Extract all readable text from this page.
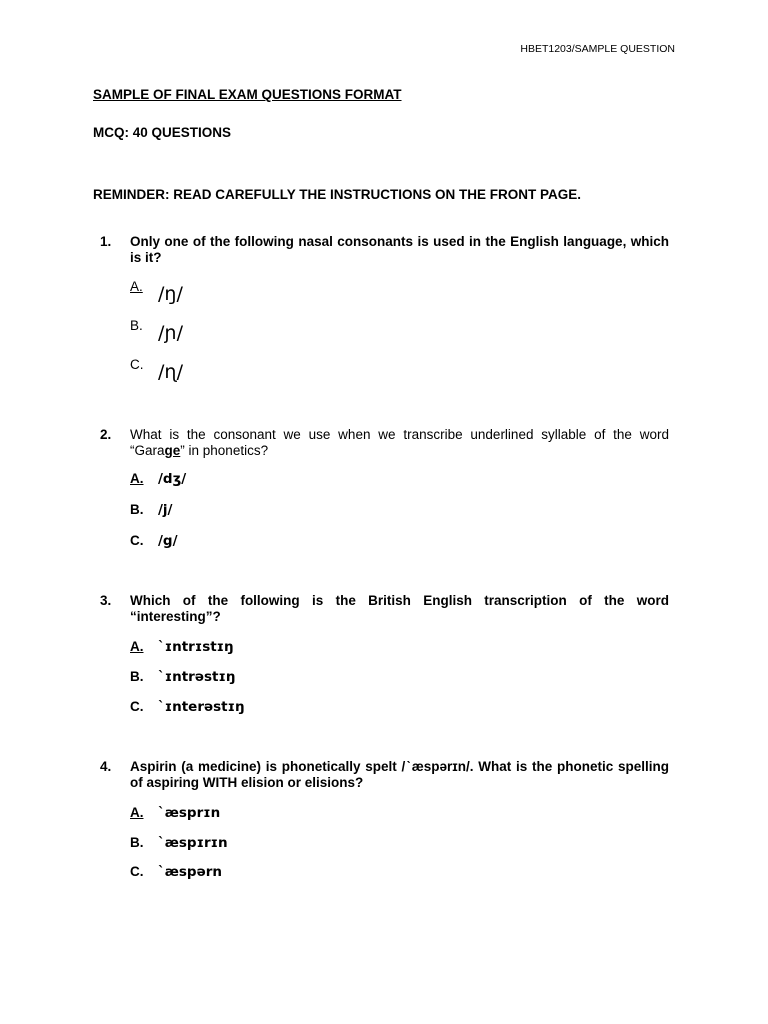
HBET1203/SAMPLE QUESTION
SAMPLE OF FINAL EXAM QUESTIONS FORMAT
MCQ: 40 QUESTIONS
REMINDER: READ CAREFULLY THE INSTRUCTIONS ON THE FRONT PAGE.
1. Only one of the following nasal consonants is used in the English language, which is it?
A. /ŋ/
B. /ɲ/
C. /ɳ/
2. What is the consonant we use when we transcribe underlined syllable of the word “Garage” in phonetics?
A. /dʒ/
B. /j/
C. /g/
3. Which of the following is the British English transcription of the word “interesting”?
A. ˋɪntrɪstɪŋ
B. ˋɪntrəstɪŋ
C. ˋɪnterəstɪŋ
4. Aspirin (a medicine) is phonetically spelt /ˋæspərɪn/. What is the phonetic spelling of aspiring WITH elision or elisions?
A. ˋæsprɪn
B. ˋæspɪrɪn
C. ˋæspərn
